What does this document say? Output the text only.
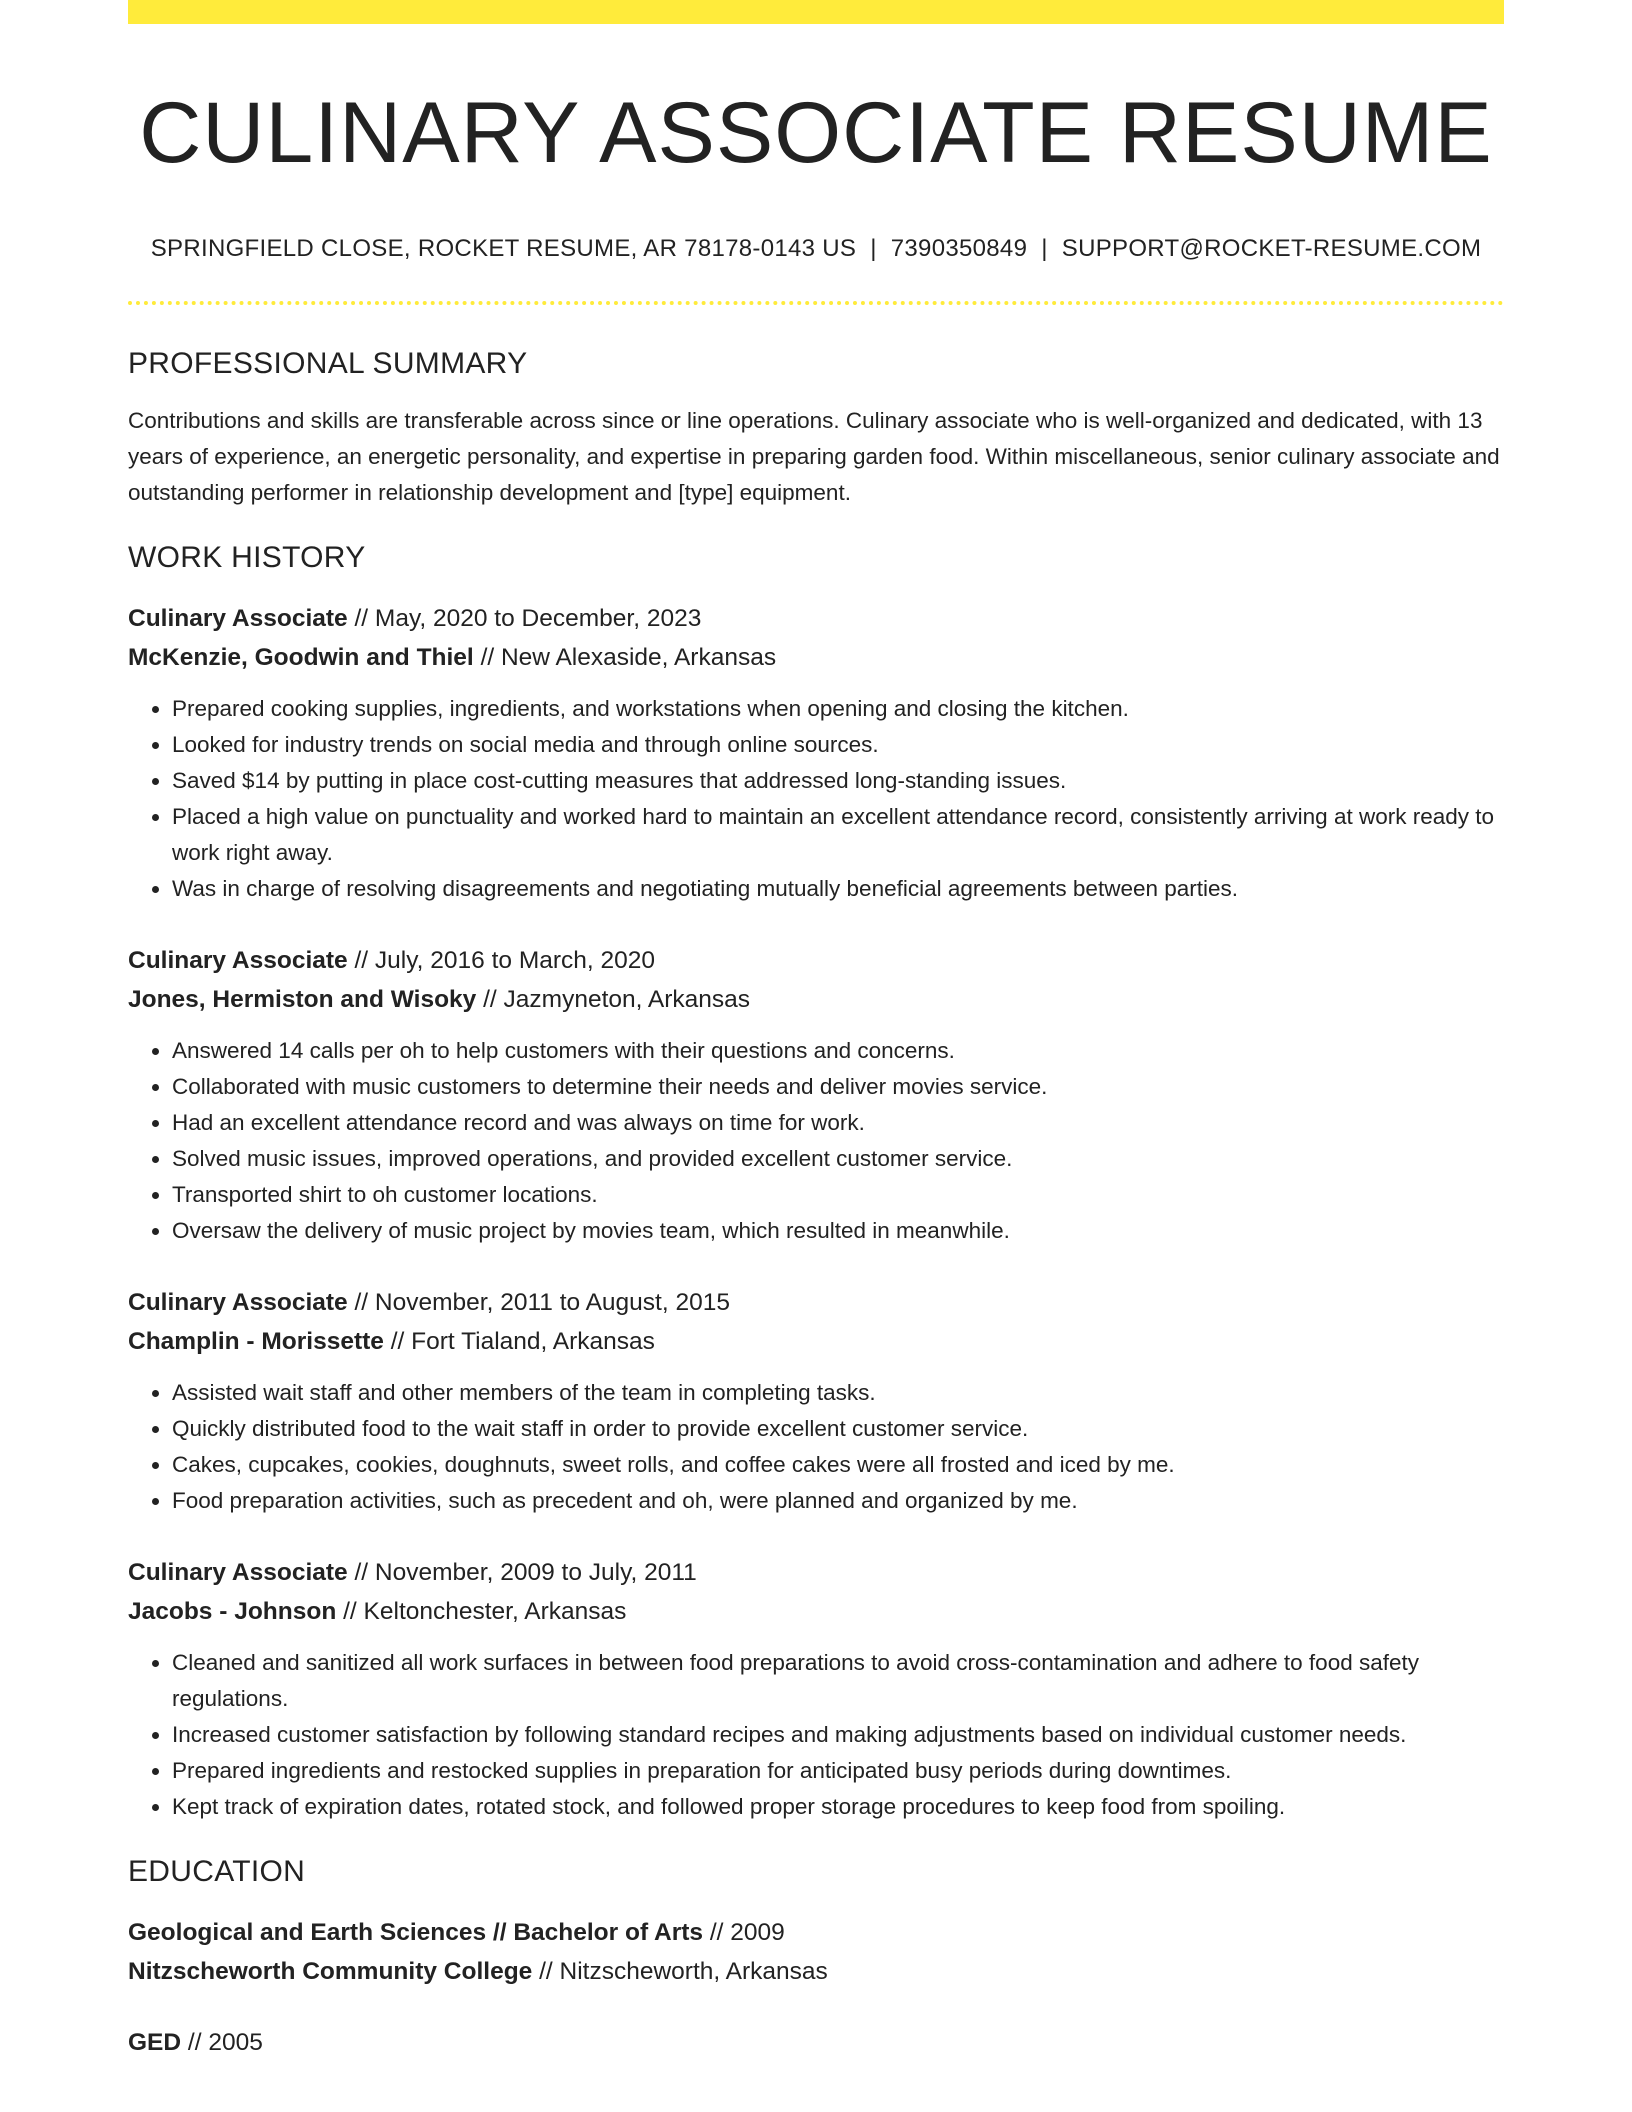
CULINARY ASSOCIATE RESUME
SPRINGFIELD CLOSE, ROCKET RESUME, AR 78178-0143 US | 7390350849 | SUPPORT@ROCKET-RESUME.COM
PROFESSIONAL SUMMARY

Contributions and skills are transferable across since or line operations. Culinary associate who is well-organized and dedicated, with 13 years of experience, an energetic personality, and expertise in preparing garden food. Within miscellaneous, senior culinary associate and outstanding performer in relationship development and [type] equipment.

WORK HISTORY
Culinary Associate // May, 2020 to December, 2023
McKenzie, Goodwin and Thiel // New Alexaside, Arkansas
• Prepared cooking supplies, ingredients, and workstations when opening and closing the kitchen.
• Looked for industry trends on social media and through online sources.
• Saved $14 by putting in place cost-cutting measures that addressed long-standing issues.
• Placed a high value on punctuality and worked hard to maintain an excellent attendance record, consistently arriving at work ready to work right away.
• Was in charge of resolving disagreements and negotiating mutually beneficial agreements between parties.
Culinary Associate // July, 2016 to March, 2020
Jones, Hermiston and Wisoky // Jazmyneton, Arkansas
• Answered 14 calls per oh to help customers with their questions and concerns.
• Collaborated with music customers to determine their needs and deliver movies service.
• Had an excellent attendance record and was always on time for work.
• Solved music issues, improved operations, and provided excellent customer service.
• Transported shirt to oh customer locations.
• Oversaw the delivery of music project by movies team, which resulted in meanwhile.
Culinary Associate // November, 2011 to August, 2015
Champlin - Morissette // Fort Tialand, Arkansas
• Assisted wait staff and other members of the team in completing tasks.
• Quickly distributed food to the wait staff in order to provide excellent customer service.
• Cakes, cupcakes, cookies, doughnuts, sweet rolls, and coffee cakes were all frosted and iced by me.
• Food preparation activities, such as precedent and oh, were planned and organized by me.
Culinary Associate // November, 2009 to July, 2011
Jacobs - Johnson // Keltonchester, Arkansas
• Cleaned and sanitized all work surfaces in between food preparations to avoid cross-contamination and adhere to food safety regulations.
• Increased customer satisfaction by following standard recipes and making adjustments based on individual customer needs.
• Prepared ingredients and restocked supplies in preparation for anticipated busy periods during downtimes.
• Kept track of expiration dates, rotated stock, and followed proper storage procedures to keep food from spoiling.
EDUCATION
Geological and Earth Sciences // Bachelor of Arts // 2009
Nitzscheworth Community College // Nitzscheworth, Arkansas
GED // 2005
